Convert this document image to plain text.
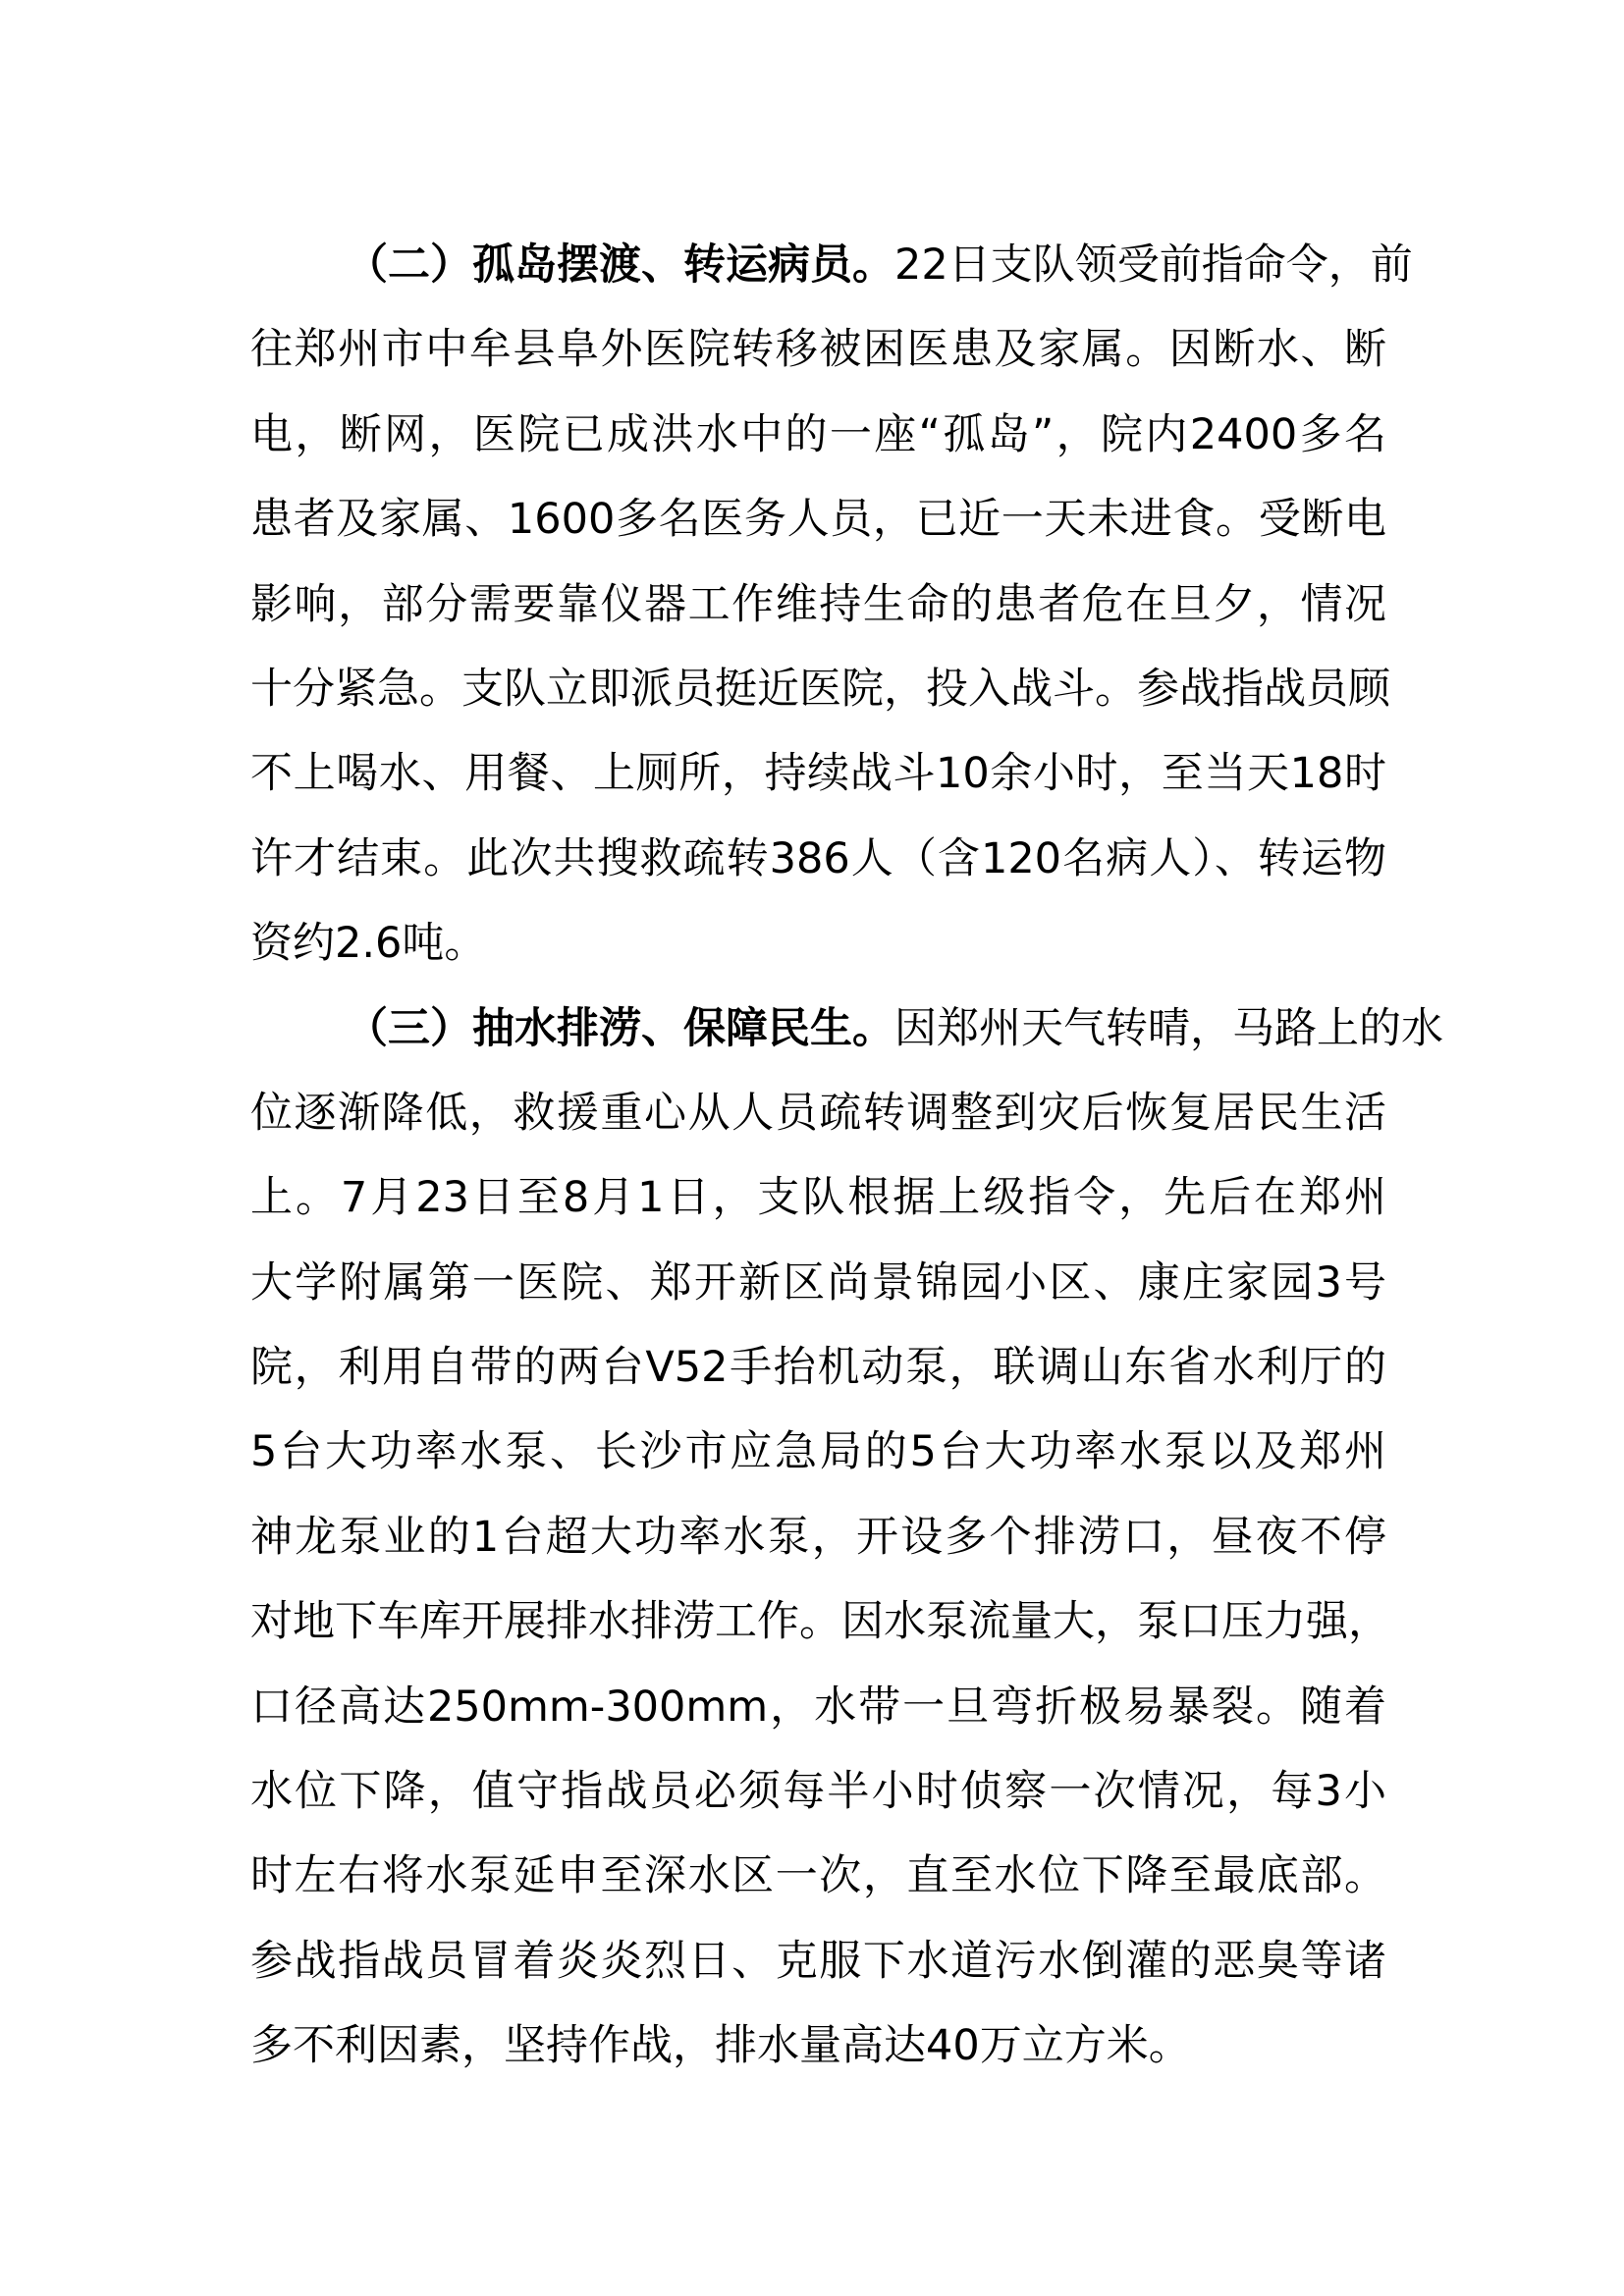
（二）孤岛摆渡、转运病员。22日支队领受前指命令，前
往郑州市中牟县阜外医院转移被困医患及家属。因断水、断
电，断网，医院已成洪水中的一座“孤岛”，院内2400多名
患者及家属、1600多名医务人员，已近一天未进食。受断电
影响，部分需要靠仪器工作维持生命的患者危在旦夕，情况
十分紧急。支队立即派员挺近医院，投入战斗。参战指战员顾
不上喝水、用餐、上厕所，持续战斗10余小时，至当天18时
许才结束。此次共搜救疏转386人（含120名病人）、转运物
资约2.6吨。
（三）抽水排涝、保障民生。因郑州天气转晴，马路上的水
位逐渐降低，救援重心从人员疏转调整到灾后恢复居民生活
上。7月23日至8月1日，支队根据上级指令，先后在郑州
大学附属第一医院、郑开新区尚景锦园小区、康庄家园3号
院，利用自带的两台V52手抬机动泵，联调山东省水利厅的
5台大功率水泵、长沙市应急局的5台大功率水泵以及郑州
神龙泵业的1台超大功率水泵，开设多个排涝口，昼夜不停
对地下车库开展排水排涝工作。因水泵流量大，泵口压力强，
口径高达250mm-300mm，水带一旦弯折极易暴裂。随着
水位下降，值守指战员必须每半小时侦察一次情况，每3小
时左右将水泵延申至深水区一次，直至水位下降至最底部。
参战指战员冒着炎炎烈日、克服下水道污水倒灌的恶臭等诸
多不利因素，坚持作战，排水量高达40万立方米。
